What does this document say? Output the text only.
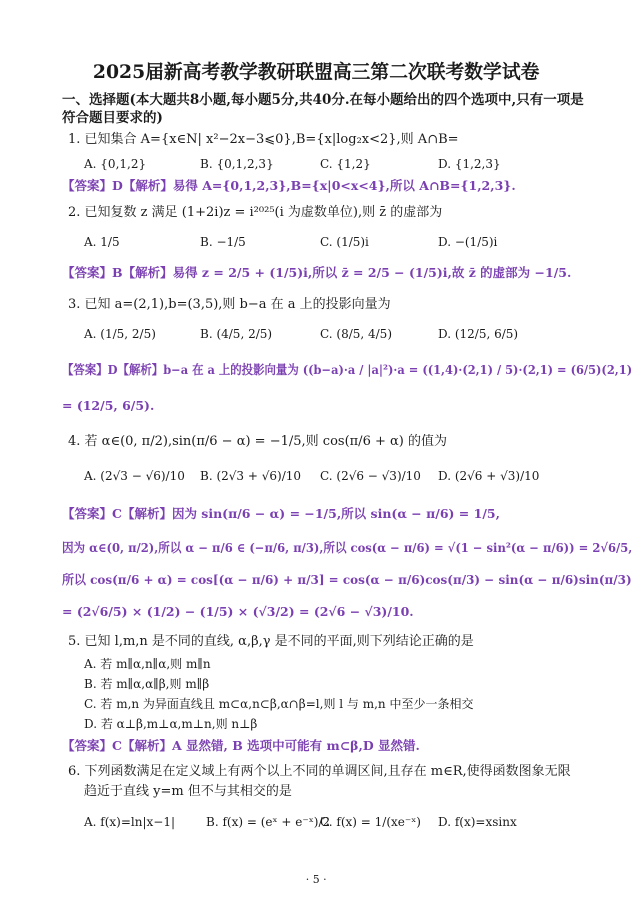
2025届新高考教学教研联盟高三第二次联考数学试卷
一、选择题(本大题共8小题,每小题5分,共40分.在每小题给出的四个选项中,只有一项是
符合题目要求的)
1. 已知集合 A={x∈N| x²−2x−3⩽0},B={x|log₂x<2},则 A∩B=
A. {0,1,2}	B. {0,1,2,3}	C. {1,2}	D. {1,2,3}
【答案】D【解析】易得 A={0,1,2,3},B={x|0<x<4},所以 A∩B={1,2,3}.
2. 已知复数 z 满足 (1+2i)z = i²⁰²⁵(i 为虚数单位),则 z̄ 的虚部为
A. 1/5	B. −1/5	C. (1/5)i	D. −(1/5)i
【答案】B【解析】易得 z = 2/5 + (1/5)i,所以 z̄ = 2/5 − (1/5)i,故 z̄ 的虚部为 −1/5.
3. 已知 a=(2,1),b=(3,5),则 b−a 在 a 上的投影向量为
A. (1/5, 2/5)	B. (4/5, 2/5)	C. (8/5, 4/5)	D. (12/5, 6/5)
【答案】D【解析】b−a 在 a 上的投影向量为 ((b−a)·a / |a|²)·a = ((1,4)·(2,1) / 5)·(2,1) = (6/5)(2,1)
= (12/5, 6/5).
4. 若 α∈(0, π/2),sin(π/6 − α) = −1/5,则 cos(π/6 + α) 的值为
A. (2√3 − √6)/10 B. (2√3 + √6)/10 C. (2√6 − √3)/10 D. (2√6 + √3)/10
【答案】C【解析】因为 sin(π/6 − α) = −1/5,所以 sin(α − π/6) = 1/5,
因为 α∈(0, π/2),所以 α − π/6 ∈ (−π/6, π/3),所以 cos(α − π/6) = √(1 − sin²(α − π/6)) = 2√6/5,
所以 cos(π/6 + α) = cos[(α − π/6) + π/3] = cos(α − π/6)cos(π/3) − sin(α − π/6)sin(π/3)
= (2√6/5) × (1/2) − (1/5) × (√3/2) = (2√6 − √3)/10.
5. 已知 l,m,n 是不同的直线, α,β,γ 是不同的平面,则下列结论正确的是
A. 若 m∥α,n∥α,则 m∥n
B. 若 m∥α,α∥β,则 m∥β
C. 若 m,n 为异面直线且 m⊂α,n⊂β,α∩β=l,则 l 与 m,n 中至少一条相交
D. 若 α⊥β,m⊥α,m⊥n,则 n⊥β
【答案】C【解析】A 显然错, B 选项中可能有 m⊂β,D 显然错.
6. 下列函数满足在定义域上有两个以上不同的单调区间,且存在 m∈R,使得函数图象无限
趋近于直线 y=m 但不与其相交的是
A. f(x)=ln|x−1|	B. f(x) = (eˣ + e⁻ˣ)/2
C. f(x) = 1/(xe⁻ˣ) D. f(x)=xsinx
· 5 ·
